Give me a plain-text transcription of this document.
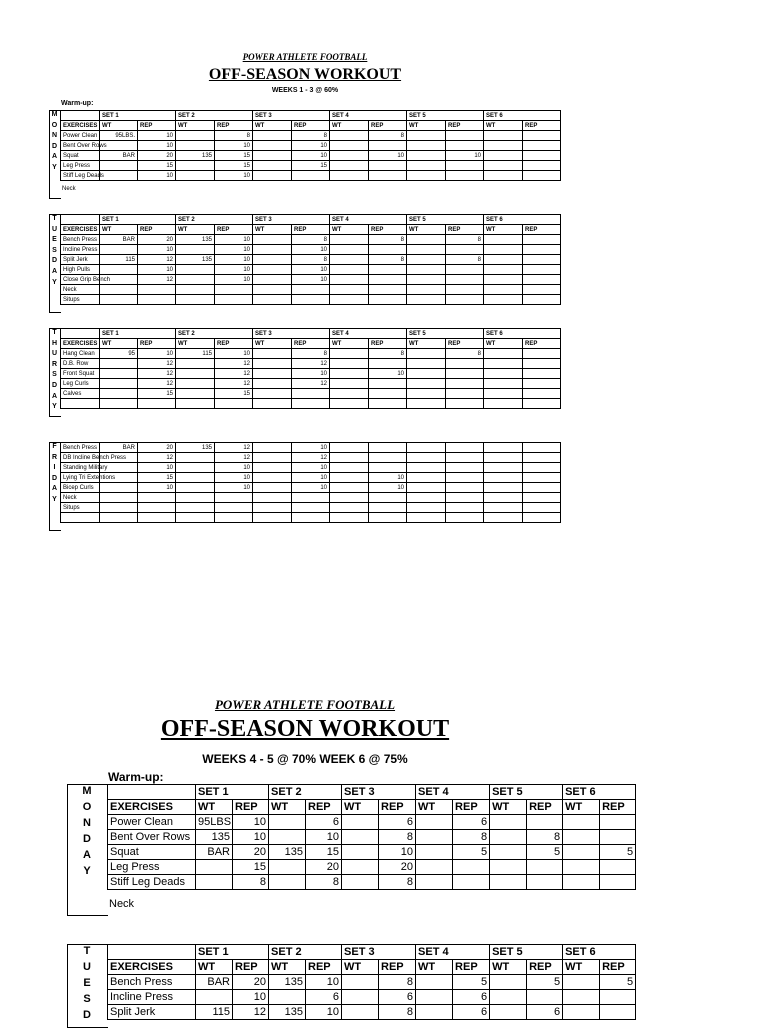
POWER ATHLETE FOOTBALL
OFF-SEASON WORKOUT
WEEKS 1 - 3 @ 60%
Warm-up:
M
O
N
D
A
Y
	SET 1		SET 2		SET 3		SET 4		SET 5		SET 6	
EXERCISES	WT	REP	WT	REP	WT	REP	WT	REP	WT	REP	WT	REP
Power Clean	95LBS.	10		8		8		8				
Bent Over Rows		10		10		10						
Squat	BAR	20	135	15		10		10		10		
Leg Press		15		15		15						
Stiff Leg Deads		10		10								
Neck
T
U
E
S
D
A
Y
	SET 1		SET 2		SET 3		SET 4		SET 5		SET 6	
EXERCISES	WT	REP	WT	REP	WT	REP	WT	REP	WT	REP	WT	REP
Bench Press	BAR	20	135	10		8		8		8		
Incline Press		10		10		10						
Split Jerk	115	12	135	10		8		8		8		
High Pulls		10		10		10						
Close Grip Bench		12		10		10						
Neck												
Situps												
T
H
U
R
S
D
A
Y
	SET 1		SET 2		SET 3		SET 4		SET 5		SET 6	
EXERCISES	WT	REP	WT	REP	WT	REP	WT	REP	WT	REP	WT	REP
Hang Clean	95	10	115	10		8		8		8		
D.B. Row		12		12		12						
Front Squat		12		12		10		10				
Leg Curls		12		12		12						
Calves		15		15								

F
R
I
D
A
Y
Bench Press	BAR	20	135	12		10						
DB Incline Bench Press		12		12		12						
Standing Military		10		10		10						
Lying Tri Extentions		15		10		10		10				
Bicep Curls		10		10		10		10				
Neck												
Situps												

POWER ATHLETE FOOTBALL
OFF-SEASON WORKOUT
WEEKS 4 - 5 @ 70% WEEK 6 @ 75%
Warm-up:
M
O
N
D
A
Y
	SET 1		SET 2		SET 3		SET 4		SET 5		SET 6	
EXERCISES	WT	REP	WT	REP	WT	REP	WT	REP	WT	REP	WT	REP
Power Clean	95LBS	10		6		6		6				
Bent Over Rows	135	10		10		8		8		8		
Squat	BAR	20	135	15		10		5		5		5
Leg Press		15		20		20						
Stiff Leg Deads		8		8		8						
Neck
T
U
E
S
D
	SET 1		SET 2		SET 3		SET 4		SET 5		SET 6	
EXERCISES	WT	REP	WT	REP	WT	REP	WT	REP	WT	REP	WT	REP
Bench Press	BAR	20	135	10		8		5		5		5
Incline Press		10		6		6		6				
Split Jerk	115	12	135	10		8		6		6		
